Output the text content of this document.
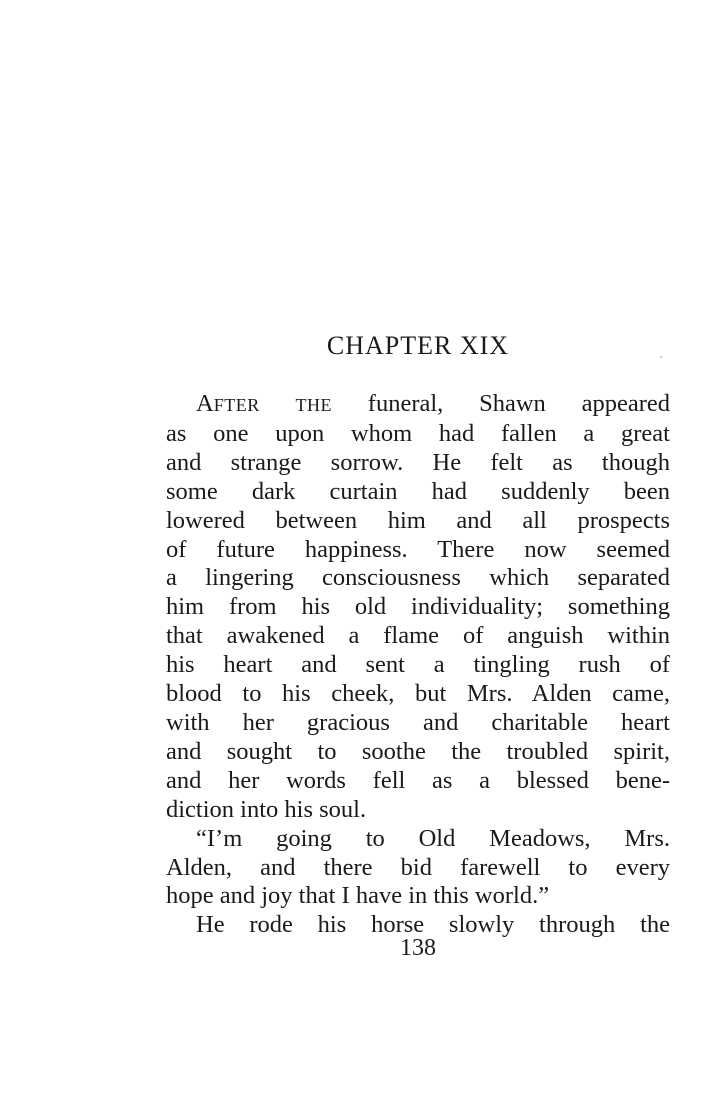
CHAPTER XIX

AFTER THE funeral, Shawn appeared
as one upon whom had fallen a great
and strange sorrow. He felt as though
some dark curtain had suddenly been
lowered between him and all prospects
of future happiness. There now seemed
a lingering consciousness which separated
him from his old individuality; something
that awakened a flame of anguish within
his heart and sent a tingling rush of
blood to his cheek, but Mrs. Alden came,
with her gracious and charitable heart
and sought to soothe the troubled spirit,
and her words fell as a blessed bene-
diction into his soul.

“I’m going to Old Meadows, Mrs.
Alden, and there bid farewell to every
hope and joy that I have in this world.”

He rode his horse slowly through the

138
